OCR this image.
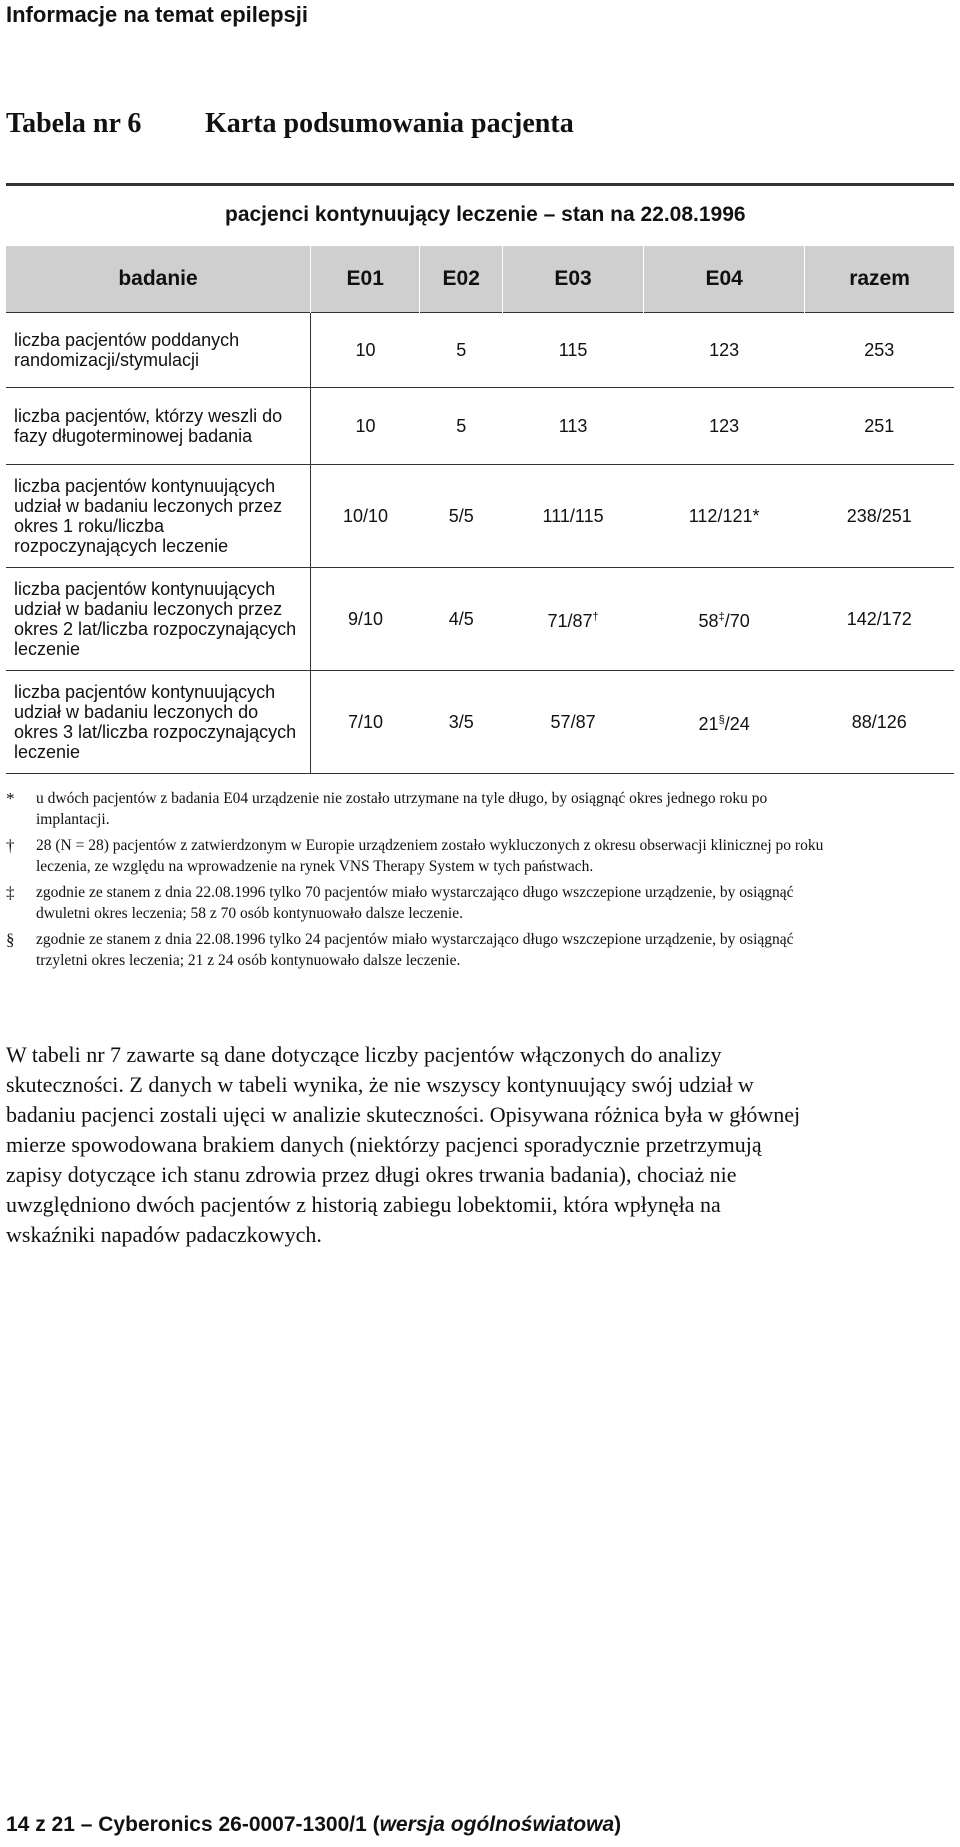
Informacje na temat epilepsji
Tabela nr 6 Karta podsumowania pacjenta
pacjenci kontynuujący leczenie – stan na 22.08.1996
badanie	E01	E02	E03	E04	razem
liczba pacjentów poddanych randomizacji/stymulacji	10	5	115	123	253
liczba pacjentów, którzy weszli do fazy długoterminowej badania	10	5	113	123	251
liczba pacjentów kontynuujących udział w badaniu leczonych przez okres 1 roku/liczba rozpoczynających leczenie	10/10	5/5	111/115	112/121*	238/251
liczba pacjentów kontynuujących udział w badaniu leczonych przez okres 2 lat/liczba rozpoczynających leczenie	9/10	4/5	71/87†	58‡/70	142/172
liczba pacjentów kontynuujących udział w badaniu leczonych do okres 3 lat/liczba rozpoczynających leczenie	7/10	3/5	57/87	21§/24	88/126
*	u dwóch pacjentów z badania E04 urządzenie nie zostało utrzymane na tyle długo, by osiągnąć okres jednego roku po implantacji.
†	28 (N = 28) pacjentów z zatwierdzonym w Europie urządzeniem zostało wykluczonych z okresu obserwacji klinicznej po roku leczenia, ze względu na wprowadzenie na rynek VNS Therapy System w tych państwach.
‡	zgodnie ze stanem z dnia 22.08.1996 tylko 70 pacjentów miało wystarczająco długo wszczepione urządzenie, by osiągnąć dwuletni okres leczenia; 58 z 70 osób kontynuowało dalsze leczenie.
§	zgodnie ze stanem z dnia 22.08.1996 tylko 24 pacjentów miało wystarczająco długo wszczepione urządzenie, by osiągnąć trzyletni okres leczenia; 21 z 24 osób kontynuowało dalsze leczenie.
W tabeli nr 7 zawarte są dane dotyczące liczby pacjentów włączonych do analizy skuteczności. Z danych w tabeli wynika, że nie wszyscy kontynuujący swój udział w badaniu pacjenci zostali ujęci w analizie skuteczności. Opisywana różnica była w głównej mierze spowodowana brakiem danych (niektórzy pacjenci sporadycznie przetrzymują zapisy dotyczące ich stanu zdrowia przez długi okres trwania badania), chociaż nie uwzględniono dwóch pacjentów z historią zabiegu lobektomii, która wpłynęła na wskaźniki napadów padaczkowych.
14 z 21 – Cyberonics 26-0007-1300/1 (wersja ogólnoświatowa)
